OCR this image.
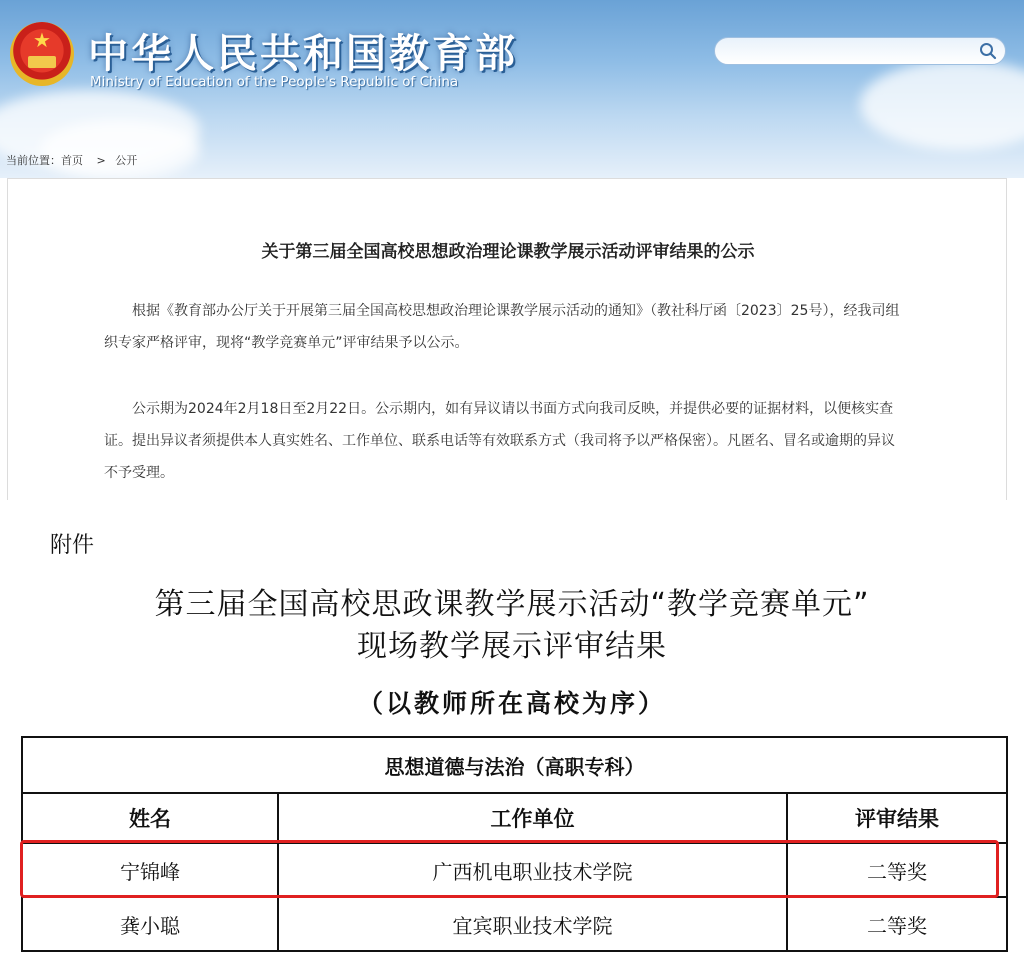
★ 中华人民共和国教育部
Ministry of Education of the People's Republic of China
当前位置：首页 > 公开
关于第三届全国高校思想政治理论课教学展示活动评审结果的公示

根据《教育部办公厅关于开展第三届全国高校思想政治理论课教学展示活动的通知》（教社科厅函〔2023〕25号），经我司组织专家严格评审，现将“教学竞赛单元”评审结果予以公示。

公示期为2024年2月18日至2月22日。公示期内，如有异议请以书面方式向我司反映，并提供必要的证据材料，以便核实查证。提出异议者须提供本人真实姓名、工作单位、联系电话等有效联系方式（我司将予以严格保密）。凡匿名、冒名或逾期的异议不予受理。

附件
第三届全国高校思政课教学展示活动“教学竞赛单元”
现场教学展示评审结果
（以教师所在高校为序）
思想道德与法治（高职专科）		
姓名	工作单位	评审结果
宁锦峰	广西机电职业技术学院	二等奖
龚小聪	宜宾职业技术学院	二等奖
